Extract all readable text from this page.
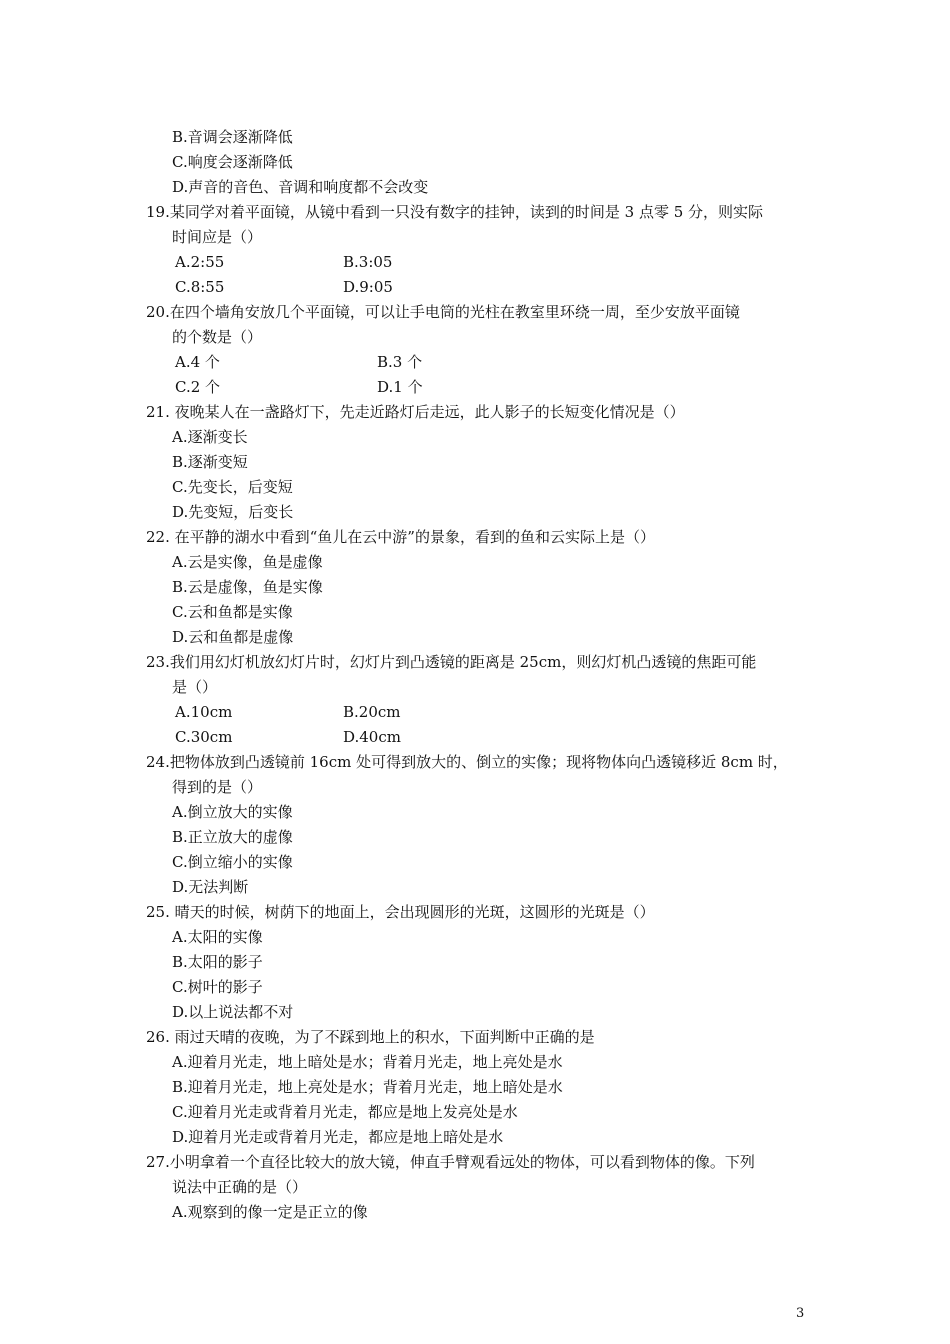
B.音调会逐渐降低
C.响度会逐渐降低
D.声音的音色、音调和响度都不会改变
19.某同学对着平面镜，从镜中看到一只没有数字的挂钟，读到的时间是 3 点零 5 分，则实际
时间应是（）
A.2:55	B.3:05
C.8:55	D.9:05
20.在四个墙角安放几个平面镜，可以让手电筒的光柱在教室里环绕一周，至少安放平面镜
的个数是（）
A.4 个	B.3 个
C.2 个	D.1 个
21. 夜晚某人在一盏路灯下，先走近路灯后走远，此人影子的长短变化情况是（）
A.逐渐变长
B.逐渐变短
C.先变长，后变短
D.先变短，后变长
22. 在平静的湖水中看到“鱼儿在云中游”的景象，看到的鱼和云实际上是（）
A.云是实像，鱼是虚像
B.云是虚像，鱼是实像
C.云和鱼都是实像
D.云和鱼都是虚像
23.我们用幻灯机放幻灯片时，幻灯片到凸透镜的距离是 25cm，则幻灯机凸透镜的焦距可能
是（）
A.10cm	B.20cm
C.30cm	D.40cm
24.把物体放到凸透镜前 16cm 处可得到放大的、倒立的实像；现将物体向凸透镜移近 8cm 时，
得到的是（）
A.倒立放大的实像
B.正立放大的虚像
C.倒立缩小的实像
D.无法判断
25. 晴天的时候，树荫下的地面上，会出现圆形的光斑，这圆形的光斑是（）
A.太阳的实像
B.太阳的影子
C.树叶的影子
D.以上说法都不对
26. 雨过天晴的夜晚，为了不踩到地上的积水，下面判断中正确的是
A.迎着月光走，地上暗处是水；背着月光走，地上亮处是水
B.迎着月光走，地上亮处是水；背着月光走，地上暗处是水
C.迎着月光走或背着月光走，都应是地上发亮处是水
D.迎着月光走或背着月光走，都应是地上暗处是水
27.小明拿着一个直径比较大的放大镜，伸直手臂观看远处的物体，可以看到物体的像。下列
说法中正确的是（）
A.观察到的像一定是正立的像
3
